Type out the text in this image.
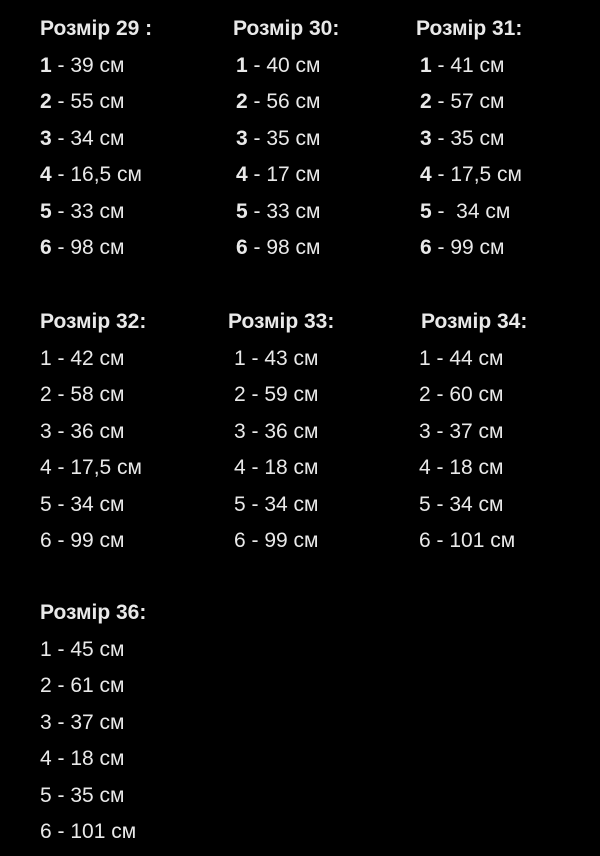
Розмір 29 :
1 - 39 см
2 - 55 см
3 - 34 см
4 - 16,5 см
5 - 33 см
6 - 98 см
Розмір 30:
1 - 40 см
2 - 56 см
3 - 35 см
4 - 17 см
5 - 33 см
6 - 98 см
Розмір 31:
1 - 41 см
2 - 57 см
3 - 35 см
4 - 17,5 см
5 -  34 см
6 - 99 см
Розмір 32:
1 - 42 см
2 - 58 см
3 - 36 см
4 - 17,5 см
5 - 34 см
6 - 99 см
Розмір 33:
1 - 43 см
2 - 59 см
3 - 36 см
4 - 18 см
5 - 34 см
6 - 99 см
Розмір 34:
1 - 44 см
2 - 60 см
3 - 37 см
4 - 18 см
5 - 34 см
6 - 101 см
Розмір 36:
1 - 45 см
2 - 61 см
3 - 37 см
4 - 18 см
5 - 35 см
6 - 101 см
